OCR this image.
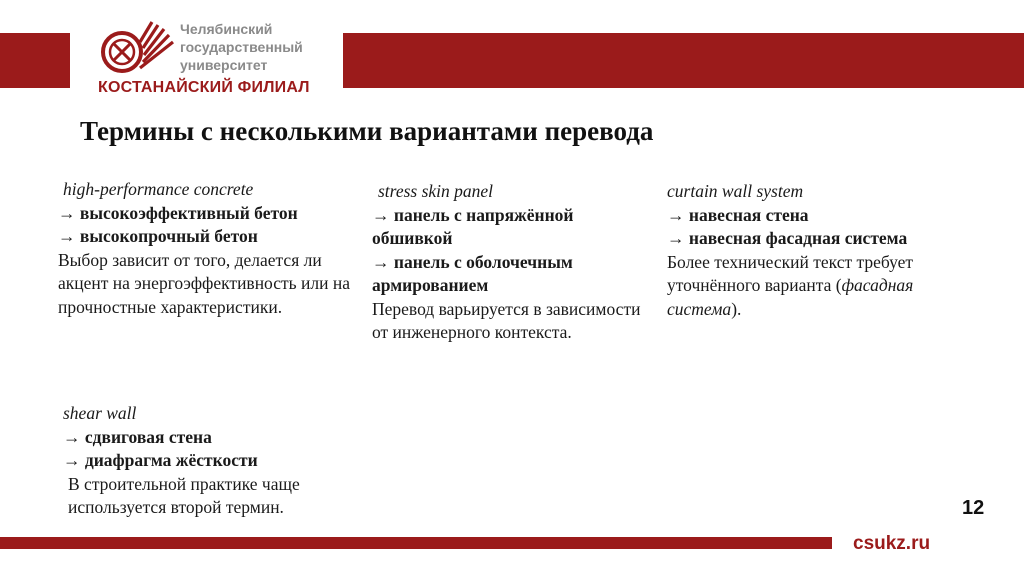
Челябинский
государственный
университет
КОСТАНАЙСКИЙ ФИЛИАЛ
Термины с несколькими вариантами перевода
high-performance concrete
→ высокоэффективный бетон
→ высокопрочный бетон
Выбор зависит от того, делается ли акцент на энергоэффективность или на прочностные характеристики.
stress skin panel
→ панель с напряжённой обшивкой
→ панель с оболочечным армированием
Перевод варьируется в зависимости от инженерного контекста.
curtain wall system
→ навесная стена
→ навесная фасадная система
Более технический текст требует уточнённого варианта (фасадная система).
shear wall
→ сдвиговая стена
→ диафрагма жёсткости
В строительной практике чаще используется второй термин.	12
csukz.ru
